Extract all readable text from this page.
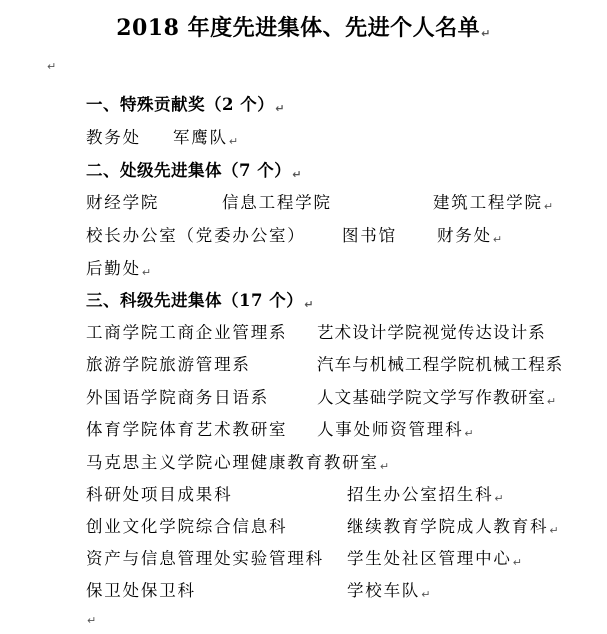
2018 年度先进集体、先进个人名单↵
↵
一、特殊贡献奖（2 个）↵
教务处 军鹰队↵
二、处级先进集体（7 个）↵
财经学院	信息工程学院	建筑工程学院↵
校长办公室（党委办公室） 图书馆 财务处↵
后勤处↵
三、科级先进集体（17 个）↵
工商学院工商企业管理系 艺术设计学院视觉传达设计系
旅游学院旅游管理系	汽车与机械工程学院机械工程系
外国语学院商务日语系	人文基础学院文学写作教研室↵
体育学院体育艺术教研室 人事处师资管理科↵
马克思主义学院心理健康教育教研室↵
科研处项目成果科	招生办公室招生科↵
创业文化学院综合信息科	继续教育学院成人教育科↵
资产与信息管理处实验管理科 学生处社区管理中心↵
保卫处保卫科	学校车队↵
↵
